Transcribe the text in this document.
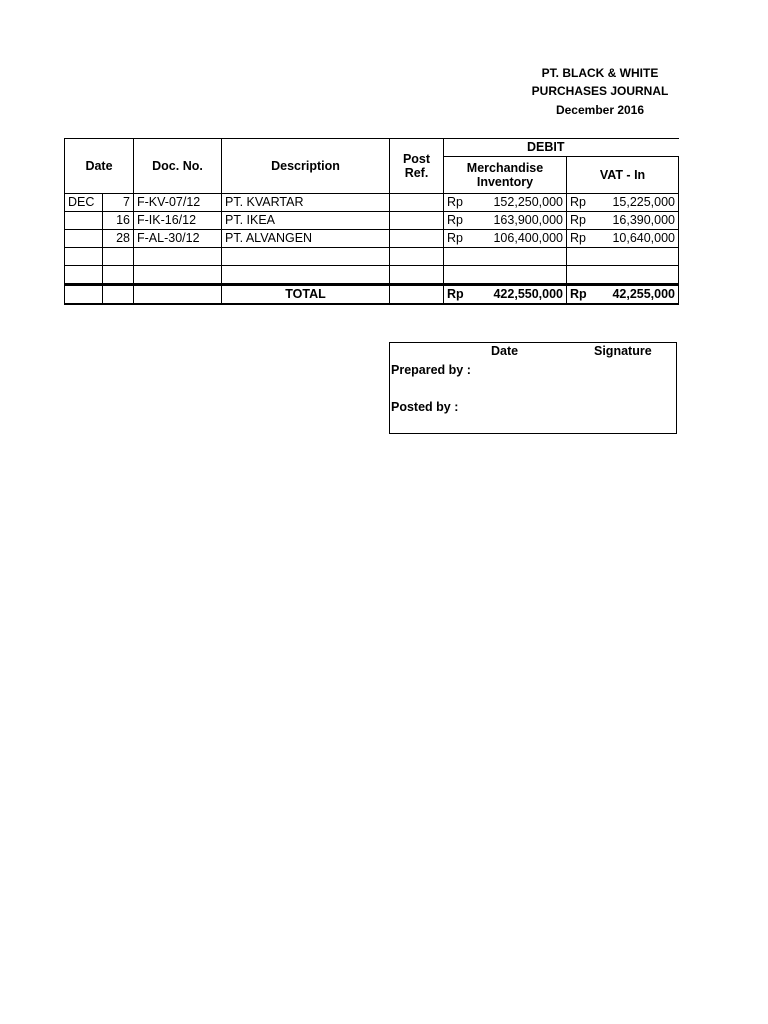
PT. BLACK & WHITE
PURCHASES JOURNAL
December 2016
Date		Doc. No.	Description	Post Ref.	DEBIT	
					Merchandise Inventory	VAT - In
DEC	7	F-KV-07/12	PT. KVARTAR		Rp 152,250,000	Rp 15,225,000

	16	F-IK-16/12	PT. IKEA		Rp 163,900,000	Rp 16,390,000

	28	F-AL-30/12	PT. ALVANGEN		Rp 106,400,000	Rp 10,640,000

			TOTAL		Rp 422,550,000	Rp 42,255,000
Date	Signature
Prepared by :
Posted by :
